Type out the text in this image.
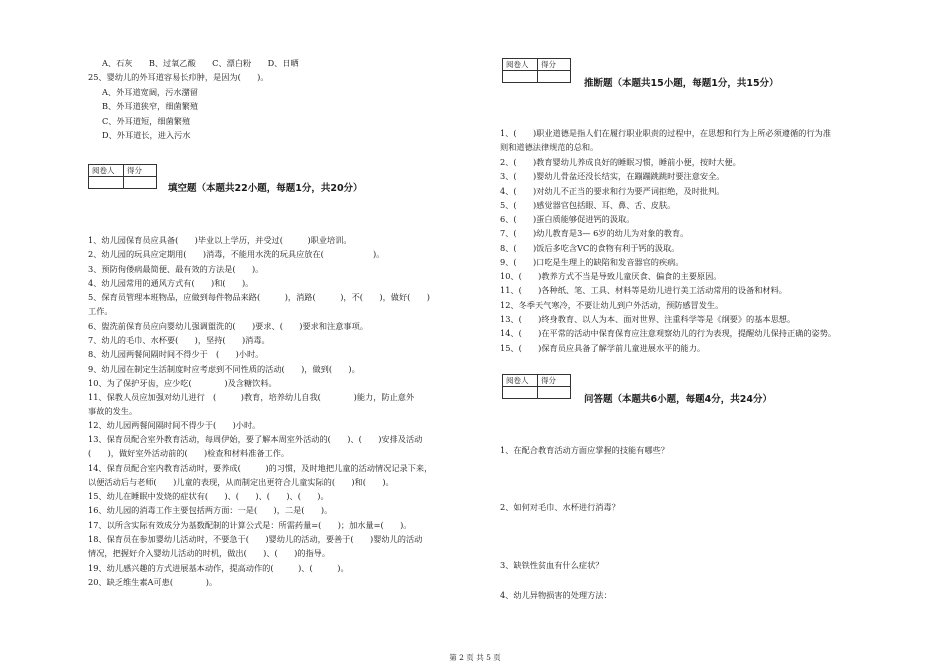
A、石灰　　B、过氧乙酸　　C、漂白粉　　D、日晒
25、婴幼儿的外耳道容易长疖肿，是因为(　　)。
A、外耳道宽阔，污水潴留
B、外耳道狭窄，细菌繁殖
C、外耳道短，细菌繁殖
D、外耳道长，进入污水
阅卷人	得分

填空题（本题共22小题，每题1分，共20分）
1、幼儿园保育员应具备(　　)毕业以上学历，并受过(　　　)职业培训。
2、幼儿园的玩具应定期用(　　)消毒，不能用水洗的玩具应放在(　　　　　　)。
3、预防佝偻病最简便、最有效的方法是(　　)。
4、幼儿园常用的通风方式有(　　)和(　　)。
5、保育员管理本班物品，应做到每件物品来路(　　　)，消路(　　　)，不(　　)，做好(　　)
工作。
6、盥洗前保育员应向婴幼儿强调盥洗的(　　)要求、(　　)要求和注意事项。
7、幼儿的毛巾、水杯要(　　)，坚持(　　)消毒。
8、幼儿园两餐间隔时间不得少于　(　　)小时。
9、幼儿园在制定生活制度时应考虑到不同性质的活动(　　)，做到(　　)。
10、为了保护牙齿，应少吃(　　　　)及含糖饮料。
11、保教人员应加强对幼儿进行　(　　　)教育，培养幼儿自我(　　　　)能力，防止意外
事故的发生。
12、幼儿园两餐间隔时间不得少于(　　)小时。
13、保育员配合室外教育活动，每周伊始，要了解本周室外活动的(　　)、(　　)安排及活动
(　　)，做好室外活动前的(　　)检查和材料准备工作。
14、保育员配合室内教育活动时，要养成(　　　)的习惯，及时地把儿童的活动情况记录下来，
以便活动后与老师(　　)儿童的表现，从而制定出更符合儿童实际的(　　)和(　　)。
15、幼儿在睡眠中发烧的症状有(　　)、(　　)、(　　)、(　　)。
16、幼儿园的消毒工作主要包括两方面：一是(　　)，二是(　　)。
17、以所含实际有效成分为基数配制的计算公式是：所需药量=(　　)；加水量=(　　)。
18、保育员在参加婴幼儿活动时，不要急于(　　)婴幼儿的活动，要善于(　　)婴幼儿的活动
情况，把握好介入婴幼儿活动的时机，做出(　　)、(　　)的指导。
19、幼儿感兴趣的方式进展基本动作，提高动作的(　　　)、(　　　)。
20、缺乏维生素A可患(　　　　)。
阅卷人	得分

推断题（本题共15小题，每题1分，共15分）
1、(　　)职业道德是指人们在履行职业职责的过程中，在思想和行为上所必须遵循的行为准
则和道德法律规范的总和。
2、(　　)教育婴幼儿养成良好的睡眠习惯，睡前小便，按时大便。
3、(　　)婴幼儿骨盆还没长结实，在蹦蹦跳跳时要注意安全。
4、(　　)对幼儿不正当的要求和行为要严词拒绝，及时批判。
5、(　　)感觉器官包括眼、耳、鼻、舌、皮肤。
6、(　　)蛋白质能够促进钙的汲取。
7、(　　)幼儿教育是3— 6岁的幼儿为对象的教育。
8、(　　)饭后多吃含VC的食物有利于钙的汲取。
9、(　　)口吃是生理上的缺陷和发音器官的疾病。
10、(　　)教养方式不当是导致儿童厌食、偏食的主要原因。
11、(　　)各种纸、笔、工具、材料等是幼儿进行美工活动常用的设备和材料。
12、冬季天气寒冷，不要让幼儿到户外活动，预防感冒发生。
13、(　　)终身教育、以人为本、面对世界、注重科学等是《纲要》的基本思想。
14、(　　)在平常的活动中保育保育应注意观察幼儿的行为表现，提醒幼儿保持正确的姿势。
15、(　　)保育员应具备了解学前儿童进展水平的能力。
阅卷人	得分

问答题（本题共6小题，每题4分，共24分）
1、在配合教育活动方面应掌握的技能有哪些？
2、如何对毛巾、水杯进行消毒？
3、缺铁性贫血有什么症状？
4、幼儿异物损害的处理方法：
第 2 页 共 5 页
